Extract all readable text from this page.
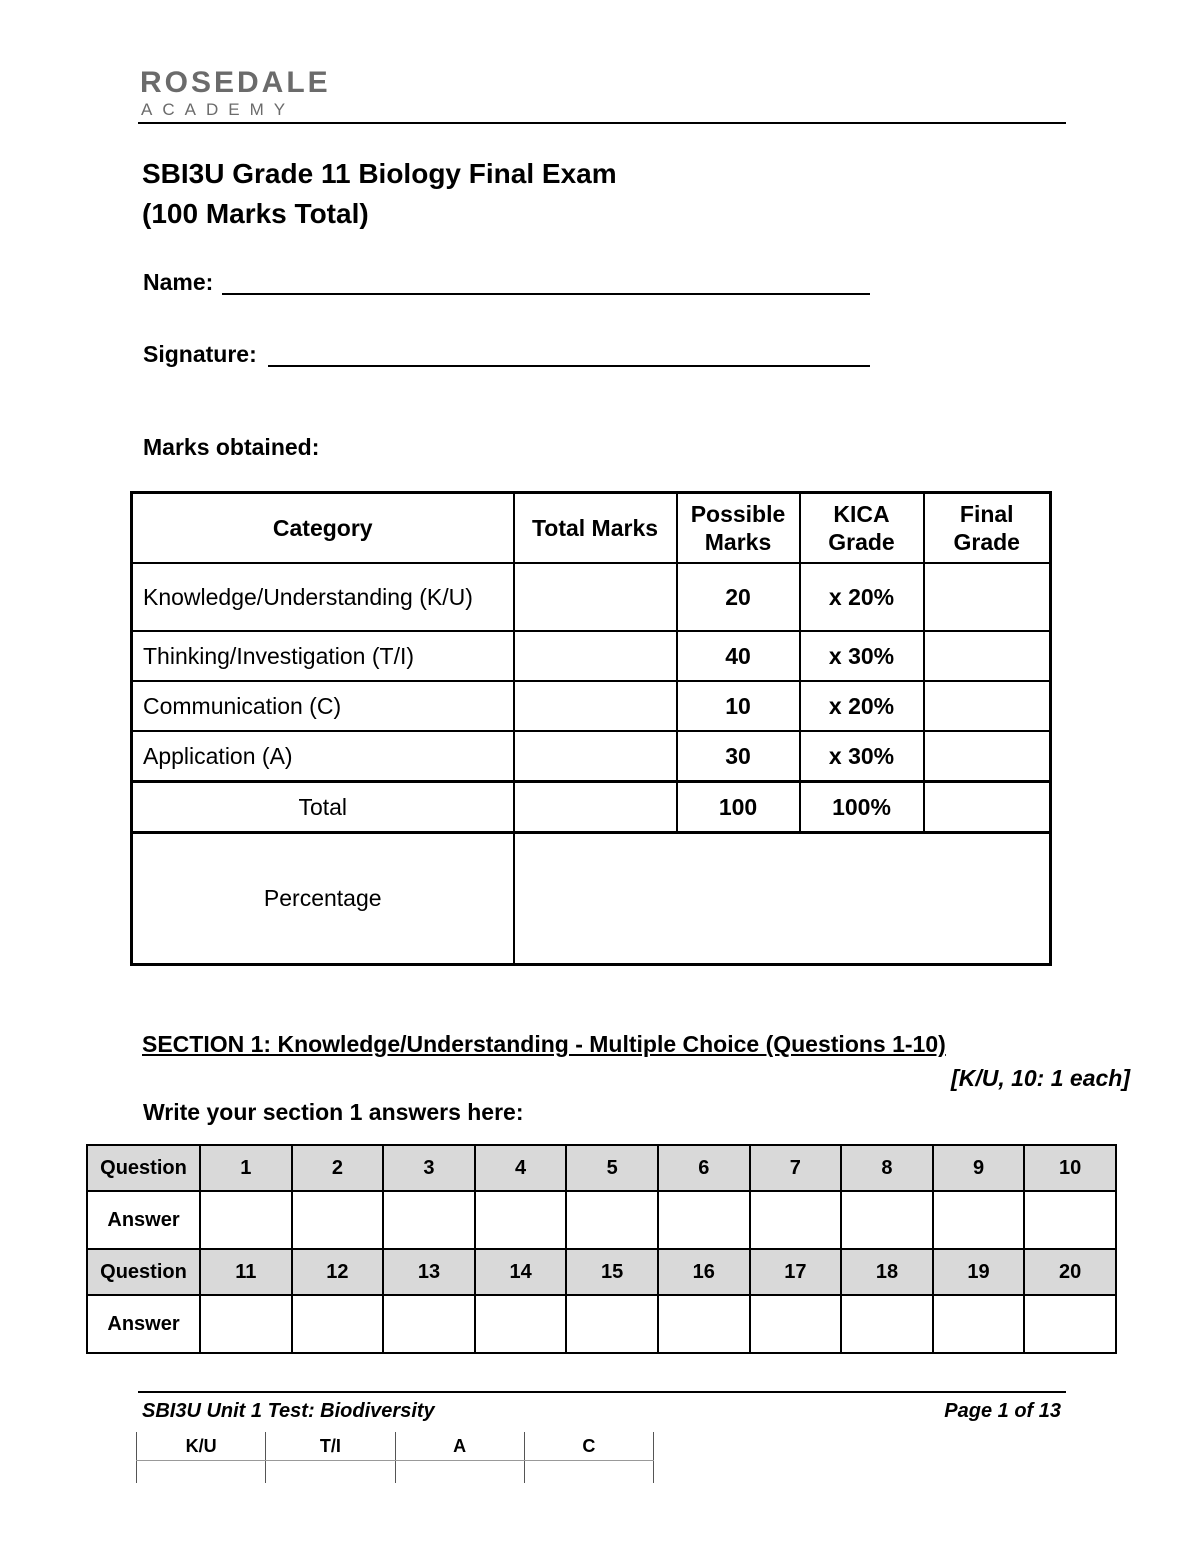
ROSEDALE
ACADEMY
SBI3U Grade 11 Biology Final Exam
(100 Marks Total)
Name:
Signature:
Marks obtained:
Category	Total Marks	Possible Marks	KICA Grade	Final Grade
Knowledge/Understanding (K/U)		20	x 20%	
Thinking/Investigation (T/I)		40	x 30%	
Communication (C)		10	x 20%	
Application (A)		30	x 30%	
Total		100	100%	
Percentage				
SECTION 1: Knowledge/Understanding - Multiple Choice (Questions 1-10)
[K/U, 10: 1 each]
Write your section 1 answers here:
Question	1	2	3	4	5	6	7	8	9	10
Answer										
Question	11	12	13	14	15	16	17	18	19	20
Answer										
SBI3U Unit 1 Test: Biodiversity	Page 1 of 13
K/U	T/I	A	C
